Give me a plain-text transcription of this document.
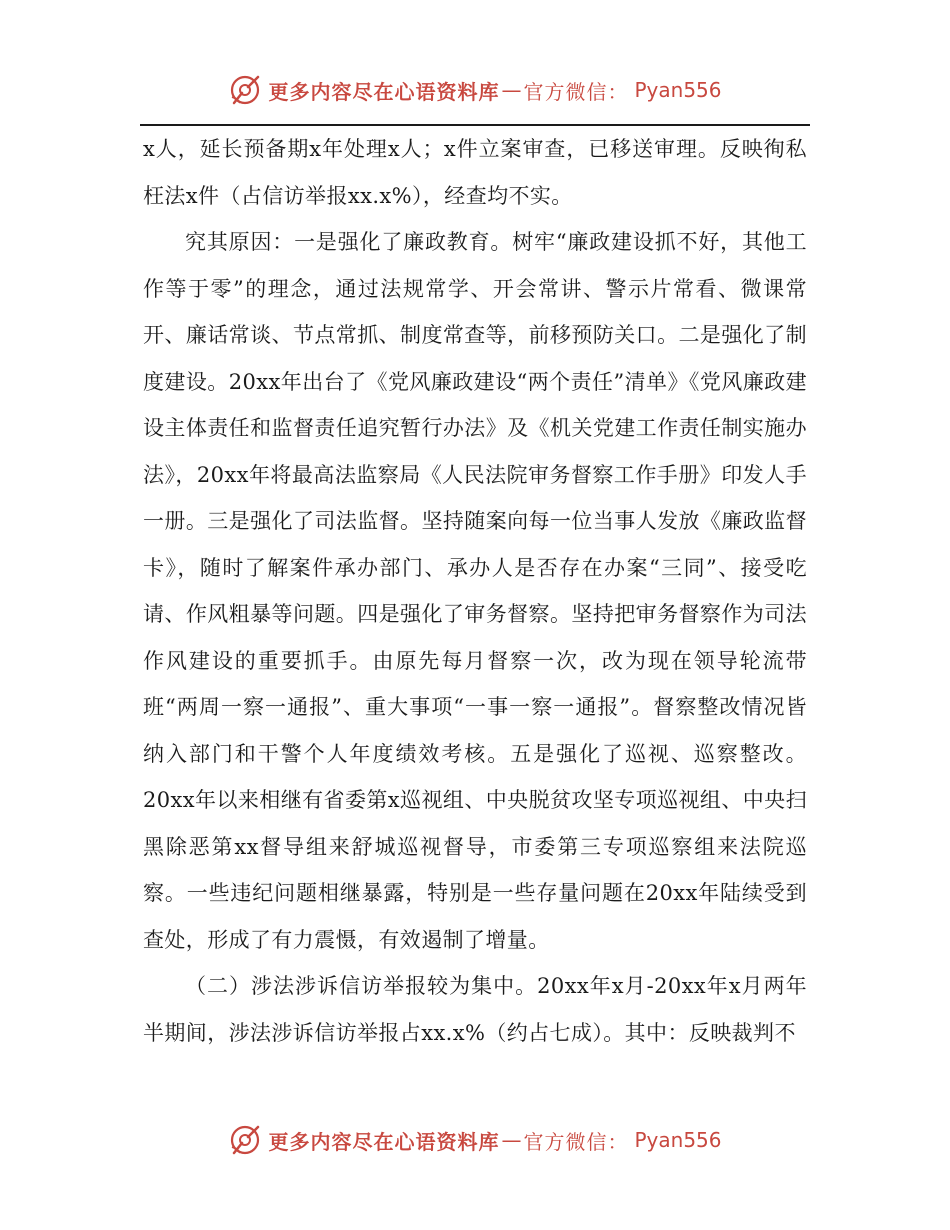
更多内容尽在心语资料库 — 官方微信： Pyan556

x人，延长预备期x年处理x人；x件立案审查，已移送审理。反映徇私枉法x件（占信访举报xx.x%），经查均不实。

究其原因：一是强化了廉政教育。树牢“廉政建设抓不好，其他工作等于零”的理念，通过法规常学、开会常讲、警示片常看、微课常开、廉话常谈、节点常抓、制度常查等，前移预防关口。二是强化了制度建设。20xx年出台了《党风廉政建设“两个责任”清单》《党风廉政建设主体责任和监督责任追究暂行办法》及《机关党建工作责任制实施办法》，20xx年将最高法监察局《人民法院审务督察工作手册》印发人手一册。三是强化了司法监督。坚持随案向每一位当事人发放《廉政监督卡》，随时了解案件承办部门、承办人是否存在办案“三同”、接受吃请、作风粗暴等问题。四是强化了审务督察。坚持把审务督察作为司法作风建设的重要抓手。由原先每月督察一次，改为现在领导轮流带班“两周一察一通报”、重大事项“一事一察一通报”。督察整改情况皆纳入部门和干警个人年度绩效考核。五是强化了巡视、巡察整改。20xx年以来相继有省委第x巡视组、中央脱贫攻坚专项巡视组、中央扫黑除恶第xx督导组来舒城巡视督导，市委第三专项巡察组来法院巡察。一些违纪问题相继暴露，特别是一些存量问题在20xx年陆续受到查处，形成了有力震慑，有效遏制了增量。

（二）涉法涉诉信访举报较为集中。20xx年x月-20xx年x月两年半期间，涉法涉诉信访举报占xx.x%（约占七成）。其中：反映裁判不

更多内容尽在心语资料库 — 官方微信： Pyan556
